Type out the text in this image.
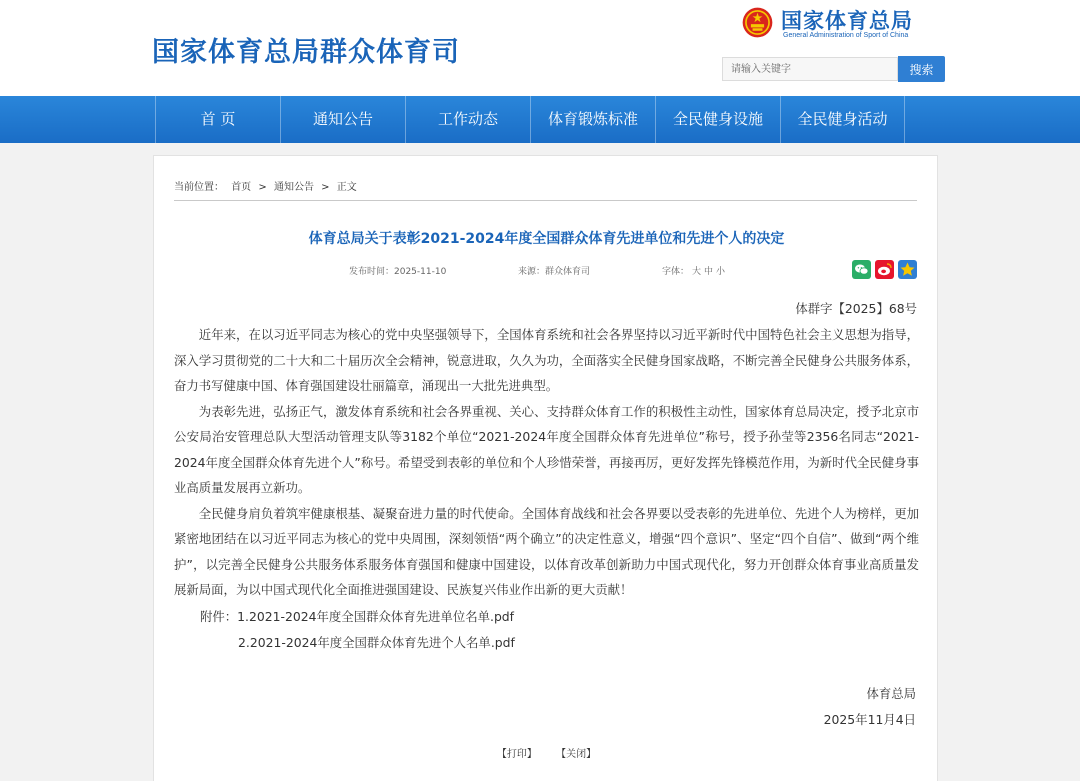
国家体育总局群众体育司
国家体育总局
General Administration of Sport of China
请输入关键字
搜索
首 页	通知公告	工作动态	体育锻炼标准	全民健身设施	全民健身活动
当前位置： 首页 > 通知公告 > 正文
体育总局关于表彰2021-2024年度全国群众体育先进单位和先进个人的决定
发布时间：2025-11-10	来源：群众体育司	字体： 大 中 小
体群字【2025】68号

近年来，在以习近平同志为核心的党中央坚强领导下，全国体育系统和社会各界坚持以习近平新时代中国特色社会主义思想为指导，深入学习贯彻党的二十大和二十届历次全会精神，锐意进取，久久为功，全面落实全民健身国家战略，不断完善全民健身公共服务体系，奋力书写健康中国、体育强国建设壮丽篇章，涌现出一大批先进典型。

为表彰先进，弘扬正气，激发体育系统和社会各界重视、关心、支持群众体育工作的积极性主动性，国家体育总局决定，授予北京市公安局治安管理总队大型活动管理支队等3182个单位“2021-2024年度全国群众体育先进单位”称号，授予孙莹等2356名同志“2021-2024年度全国群众体育先进个人”称号。希望受到表彰的单位和个人珍惜荣誉，再接再厉，更好发挥先锋模范作用，为新时代全民健身事业高质量发展再立新功。

全民健身肩负着筑牢健康根基、凝聚奋进力量的时代使命。全国体育战线和社会各界要以受表彰的先进单位、先进个人为榜样，更加紧密地团结在以习近平同志为核心的党中央周围，深刻领悟“两个确立”的决定性意义，增强“四个意识”、坚定“四个自信”、做到“两个维护”，以完善全民健身公共服务体系服务体育强国和健康中国建设，以体育改革创新助力中国式现代化，努力开创群众体育事业高质量发展新局面，为以中国式现代化全面推进强国建设、民族复兴伟业作出新的更大贡献！

附件：1.2021-2024年度全国群众体育先进单位名单.pdf
2.2021-2024年度全国群众体育先进个人名单.pdf
体育总局
2025年11月4日
【打印】 【关闭】
